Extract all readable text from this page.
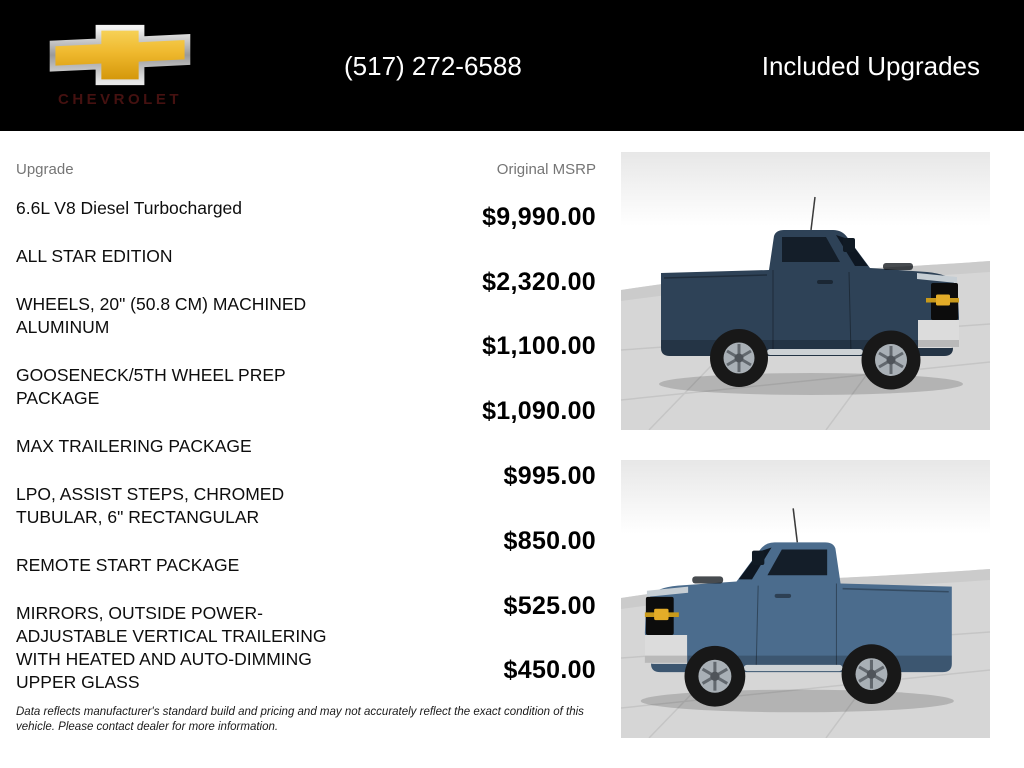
CHEVROLET
(517) 272-6588	Included Upgrades
Upgrade	Original MSRP
6.6L V8 Diesel Turbocharged
ALL STAR EDITION
WHEELS, 20" (50.8 CM) MACHINED ALUMINUM
GOOSENECK/5TH WHEEL PREP PACKAGE
MAX TRAILERING PACKAGE
LPO, ASSIST STEPS, CHROMED TUBULAR, 6" RECTANGULAR
REMOTE START PACKAGE
MIRRORS, OUTSIDE POWER-ADJUSTABLE VERTICAL TRAILERING WITH HEATED AND AUTO-DIMMING UPPER GLASS
$9,990.00
$2,320.00
$1,100.00
$1,090.00
$995.00
$850.00
$525.00
$450.00
Data reflects manufacturer's standard build and pricing and may not accurately reflect the exact condition of this vehicle. Please contact dealer for more information.
